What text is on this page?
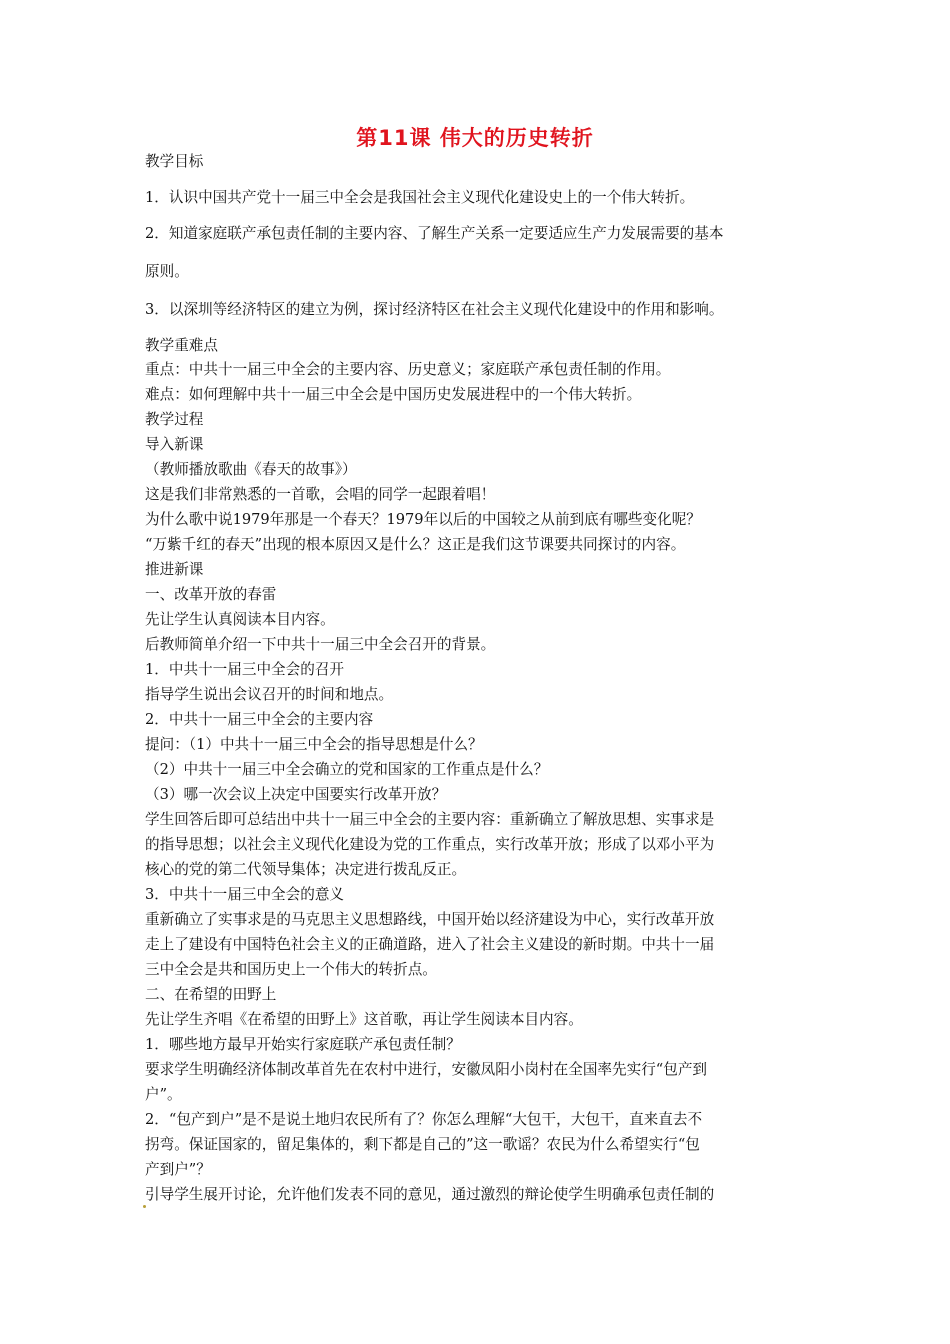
第11课 伟大的历史转折
教学目标
1．认识中国共产党十一届三中全会是我国社会主义现代化建设史上的一个伟大转折。
2．知道家庭联产承包责任制的主要内容、了解生产关系一定要适应生产力发展需要的基本
原则。
3．以深圳等经济特区的建立为例，探讨经济特区在社会主义现代化建设中的作用和影响。
教学重难点
重点：中共十一届三中全会的主要内容、历史意义；家庭联产承包责任制的作用。
难点：如何理解中共十一届三中全会是中国历史发展进程中的一个伟大转折。
教学过程
导入新课
（教师播放歌曲《春天的故事》）
这是我们非常熟悉的一首歌，会唱的同学一起跟着唱！
为什么歌中说1979年那是一个春天？1979年以后的中国较之从前到底有哪些变化呢？
“万紫千红的春天”出现的根本原因又是什么？这正是我们这节课要共同探讨的内容。
推进新课
一、改革开放的春雷
先让学生认真阅读本目内容。
后教师简单介绍一下中共十一届三中全会召开的背景。
1．中共十一届三中全会的召开
指导学生说出会议召开的时间和地点。
2．中共十一届三中全会的主要内容
提问：（1）中共十一届三中全会的指导思想是什么？
（2）中共十一届三中全会确立的党和国家的工作重点是什么？
（3）哪一次会议上决定中国要实行改革开放？
学生回答后即可总结出中共十一届三中全会的主要内容：重新确立了解放思想、实事求是
的指导思想；以社会主义现代化建设为党的工作重点，实行改革开放；形成了以邓小平为
核心的党的第二代领导集体；决定进行拨乱反正。
3．中共十一届三中全会的意义
重新确立了实事求是的马克思主义思想路线，中国开始以经济建设为中心，实行改革开放
走上了建设有中国特色社会主义的正确道路，进入了社会主义建设的新时期。中共十一届
三中全会是共和国历史上一个伟大的转折点。
二、在希望的田野上
先让学生齐唱《在希望的田野上》这首歌，再让学生阅读本目内容。
1．哪些地方最早开始实行家庭联产承包责任制？
要求学生明确经济体制改革首先在农村中进行，安徽凤阳小岗村在全国率先实行“包产到
户”。
2．“包产到户”是不是说土地归农民所有了？你怎么理解“大包干，大包干，直来直去不
拐弯。保证国家的，留足集体的，剩下都是自己的”这一歌谣？农民为什么希望实行“包
产到户”？
引导学生展开讨论，允许他们发表不同的意见，通过激烈的辩论使学生明确承包责任制的
